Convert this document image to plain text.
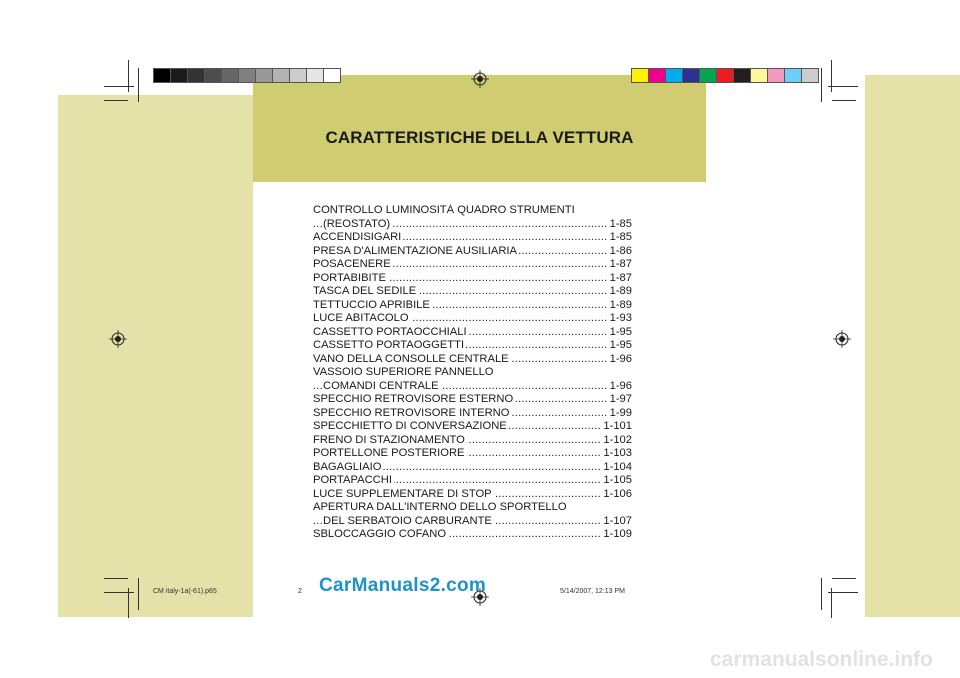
CARATTERISTICHE DELLA VETTURA
CONTROLLO LUMINOSITÀ QUADRO STRUMENTI
..... (REOSTATO)	1-85
..... ACCENDISIGARI	1-85
..... PRESA D'ALIMENTAZIONE AUSILIARIA	1-86
..... POSACENERE	1-87
..... PORTABIBITE	1-87
..... TASCA DEL SEDILE	1-89
..... TETTUCCIO APRIBILE	1-89
..... LUCE ABITACOLO	1-93
..... CASSETTO PORTAOCCHIALI	1-95
..... CASSETTO PORTAOGGETTI	1-95
..... VANO DELLA CONSOLLE CENTRALE	1-96
VASSOIO SUPERIORE PANNELLO
..... COMANDI CENTRALE	1-96
..... SPECCHIO RETROVISORE ESTERNO	1-97
..... SPECCHIO RETROVISORE INTERNO	1-99
..... SPECCHIETTO DI CONVERSAZIONE	1-101
..... FRENO DI STAZIONAMENTO	1-102
..... PORTELLONE POSTERIORE	1-103
..... BAGAGLIAIO	1-104
..... PORTAPACCHI	1-105
..... LUCE SUPPLEMENTARE DI STOP	1-106
APERTURA DALL'INTERNO DELLO SPORTELLO
..... DEL SERBATOIO CARBURANTE	1-107
..... SBLOCCAGGIO COFANO	1-109
CM italy-1a(-61).p65	2	5/14/2007, 12:13 PM
CarManuals2.com
carmanualsonline.info
